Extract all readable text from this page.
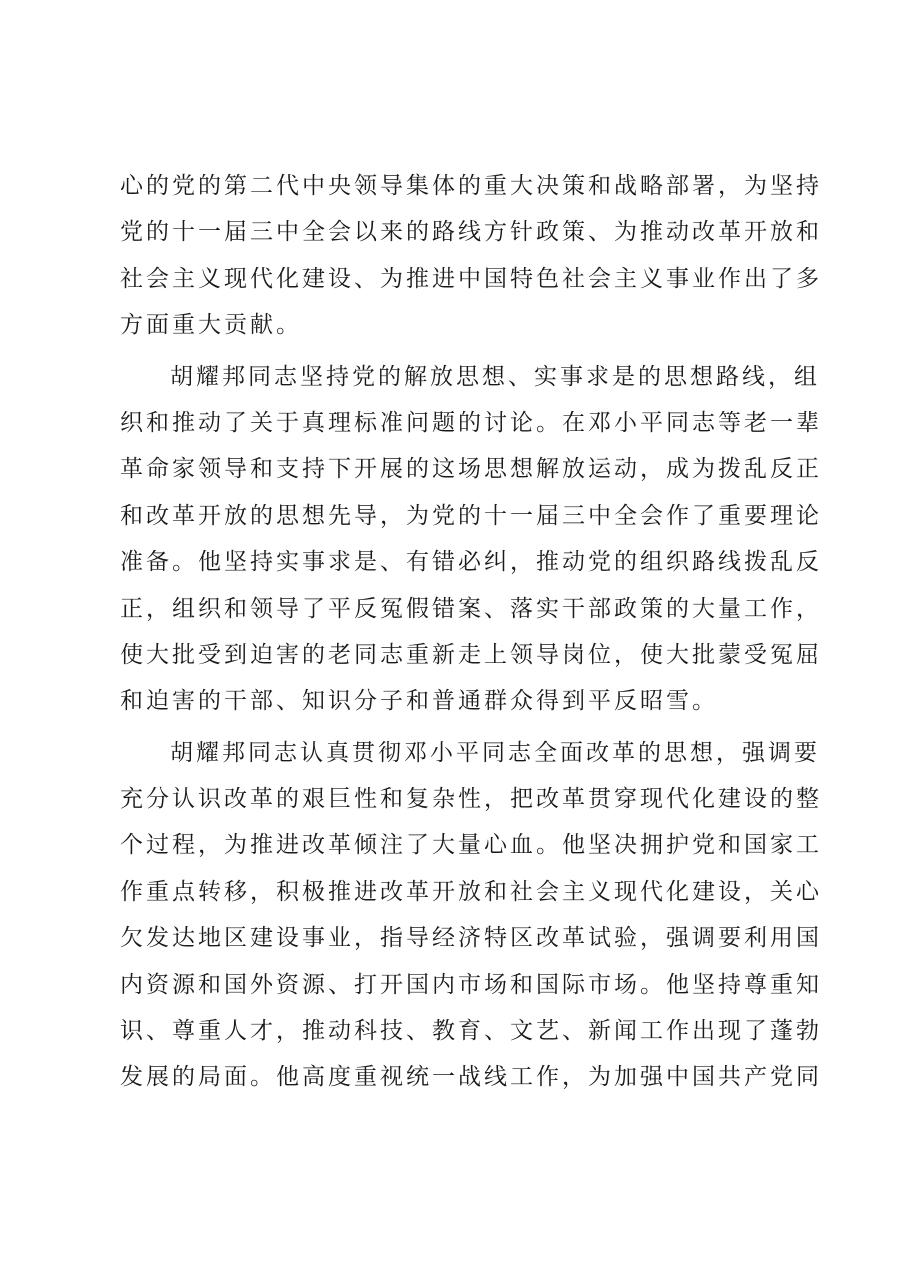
心的党的第二代中央领导集体的重大决策和战略部署，为坚持
党的十一届三中全会以来的路线方针政策、为推动改革开放和
社会主义现代化建设、为推进中国特色社会主义事业作出了多
方面重大贡献。
胡耀邦同志坚持党的解放思想、实事求是的思想路线，组
织和推动了关于真理标准问题的讨论。在邓小平同志等老一辈
革命家领导和支持下开展的这场思想解放运动，成为拨乱反正
和改革开放的思想先导，为党的十一届三中全会作了重要理论
准备。他坚持实事求是、有错必纠，推动党的组织路线拨乱反
正，组织和领导了平反冤假错案、落实干部政策的大量工作，
使大批受到迫害的老同志重新走上领导岗位，使大批蒙受冤屈
和迫害的干部、知识分子和普通群众得到平反昭雪。
胡耀邦同志认真贯彻邓小平同志全面改革的思想，强调要
充分认识改革的艰巨性和复杂性，把改革贯穿现代化建设的整
个过程，为推进改革倾注了大量心血。他坚决拥护党和国家工
作重点转移，积极推进改革开放和社会主义现代化建设，关心
欠发达地区建设事业，指导经济特区改革试验，强调要利用国
内资源和国外资源、打开国内市场和国际市场。他坚持尊重知
识、尊重人才，推动科技、教育、文艺、新闻工作出现了蓬勃
发展的局面。他高度重视统一战线工作，为加强中国共产党同
